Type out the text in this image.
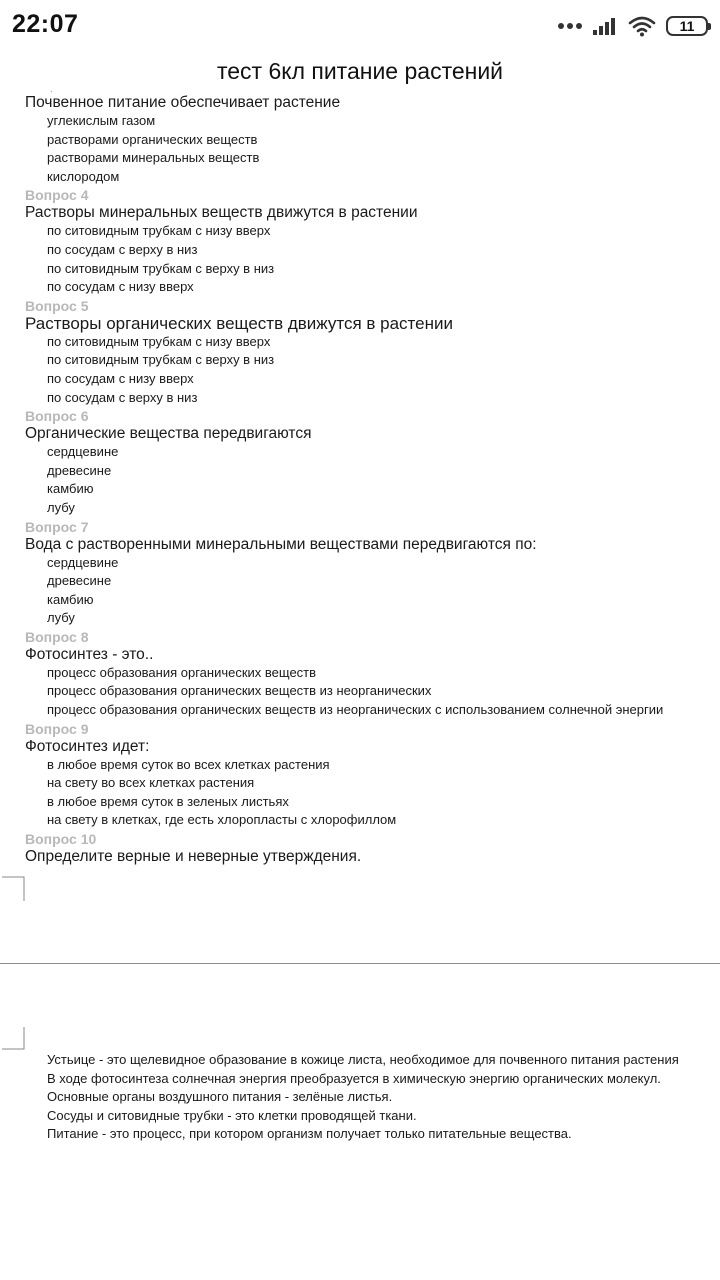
22:07	11
тест 6кл питание растений
.
Почвенное питание обеспечивает растение
углекислым газом
растворами органических веществ
растворами минеральных веществ
кислородом
Вопрос 4
Растворы минеральных веществ движутся в растении
по ситовидным трубкам с низу вверх
по сосудам с верху в низ
по ситовидным трубкам с верху в низ
по сосудам с низу вверх
Вопрос 5
Растворы органических веществ движутся в растении
по ситовидным трубкам с низу вверх
по ситовидным трубкам с верху в низ
по сосудам с низу вверх
по сосудам с верху в низ
Вопрос 6
Органические вещества передвигаются
сердцевине
древесине
камбию
лубу
Вопрос 7
Вода с растворенными минеральными веществами передвигаются по:
сердцевине
древесине
камбию
лубу
Вопрос 8
Фотосинтез - это..
процесс образования органических веществ
процесс образования органических веществ из неорганических
процесс образования органических веществ из неорганических с использованием солнечной энергии
Вопрос 9
Фотосинтез идет:
в любое время суток во всех клетках растения
на свету во всех клетках растения
в любое время суток в зеленых листьях
на свету в клетках, где есть хлоропласты с хлорофиллом
Вопрос 10
Определите верные и неверные утверждения.
Устьице - это щелевидное образование в кожице листа, необходимое для почвенного питания растения
В ходе фотосинтеза солнечная энергия преобразуется в химическую энергию органических молекул.
Основные органы воздушного питания - зелёные листья.
Сосуды и ситовидные трубки - это клетки проводящей ткани.
Питание - это процесс, при котором организм получает только питательные вещества.
